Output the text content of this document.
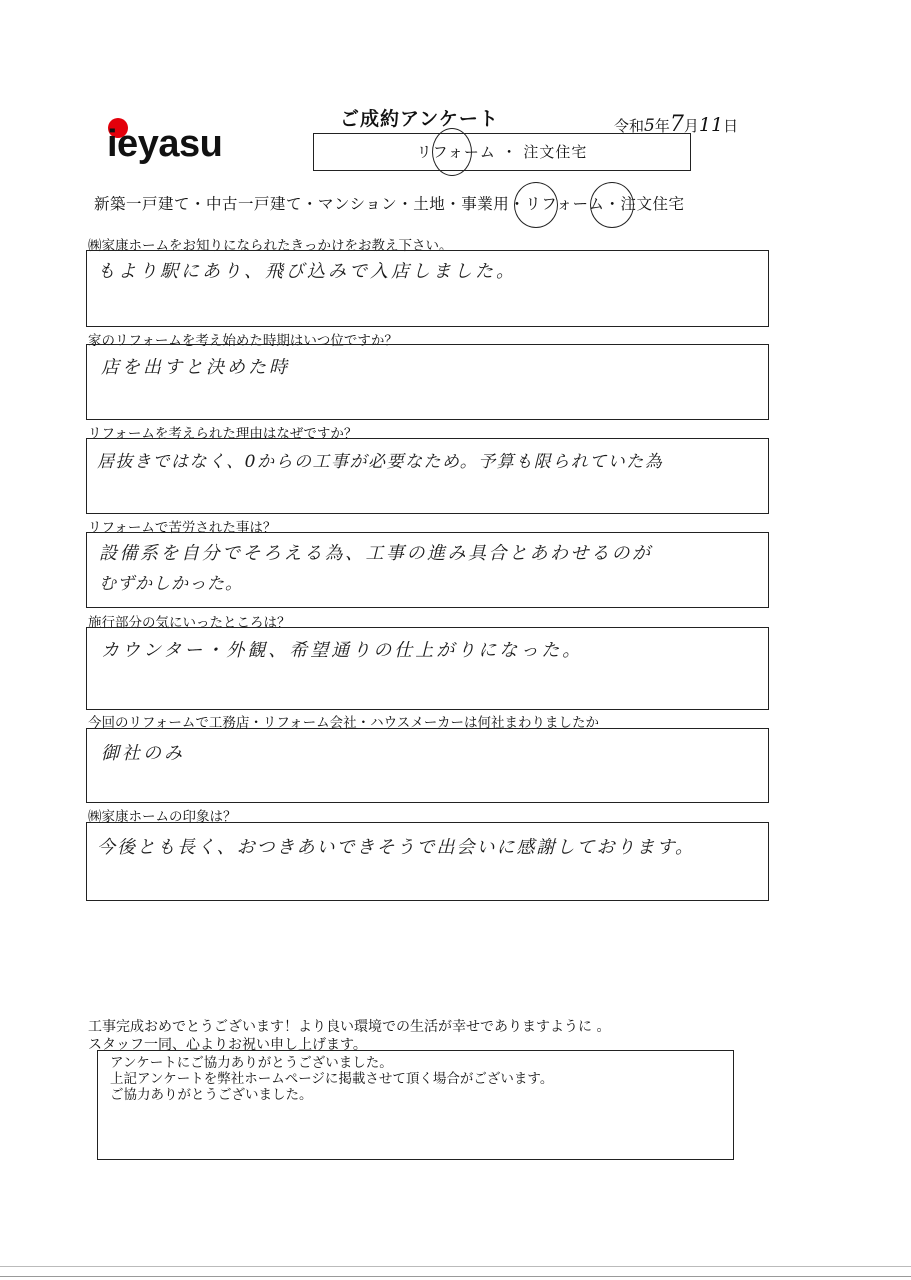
ieyasu
ご成約アンケート	令和5年7月11日
リフォーム ・ 注文住宅
新築一戸建て・中古一戸建て・マンション・土地・事業用・リフォーム・注文住宅
㈱家康ホームをお知りになられたきっかけをお教え下さい。
もより駅にあり、飛び込みで入店しました。
家のリフォームを考え始めた時期はいつ位ですか？
店を出すと決めた時
リフォームを考えられた理由はなぜですか？
居抜きではなく、0からの工事が必要なため。予算も限られていた為
リフォームで苦労された事は？
設備系を自分でそろえる為、工事の進み具合とあわせるのが
むずかしかった。
施行部分の気にいったところは？
カウンター・外観、希望通りの仕上がりになった。
今回のリフォームで工務店・リフォーム会社・ハウスメーカーは何社まわりましたか
御社のみ
㈱家康ホームの印象は？
今後とも長く、おつきあいできそうで出会いに感謝しております。
工事完成おめでとうございます！より良い環境での生活が幸せでありますように 。
スタッフ一同、心よりお祝い申し上げます。
アンケートにご協力ありがとうございました。
上記アンケートを弊社ホームページに掲載させて頂く場合がございます。
ご協力ありがとうございました。
